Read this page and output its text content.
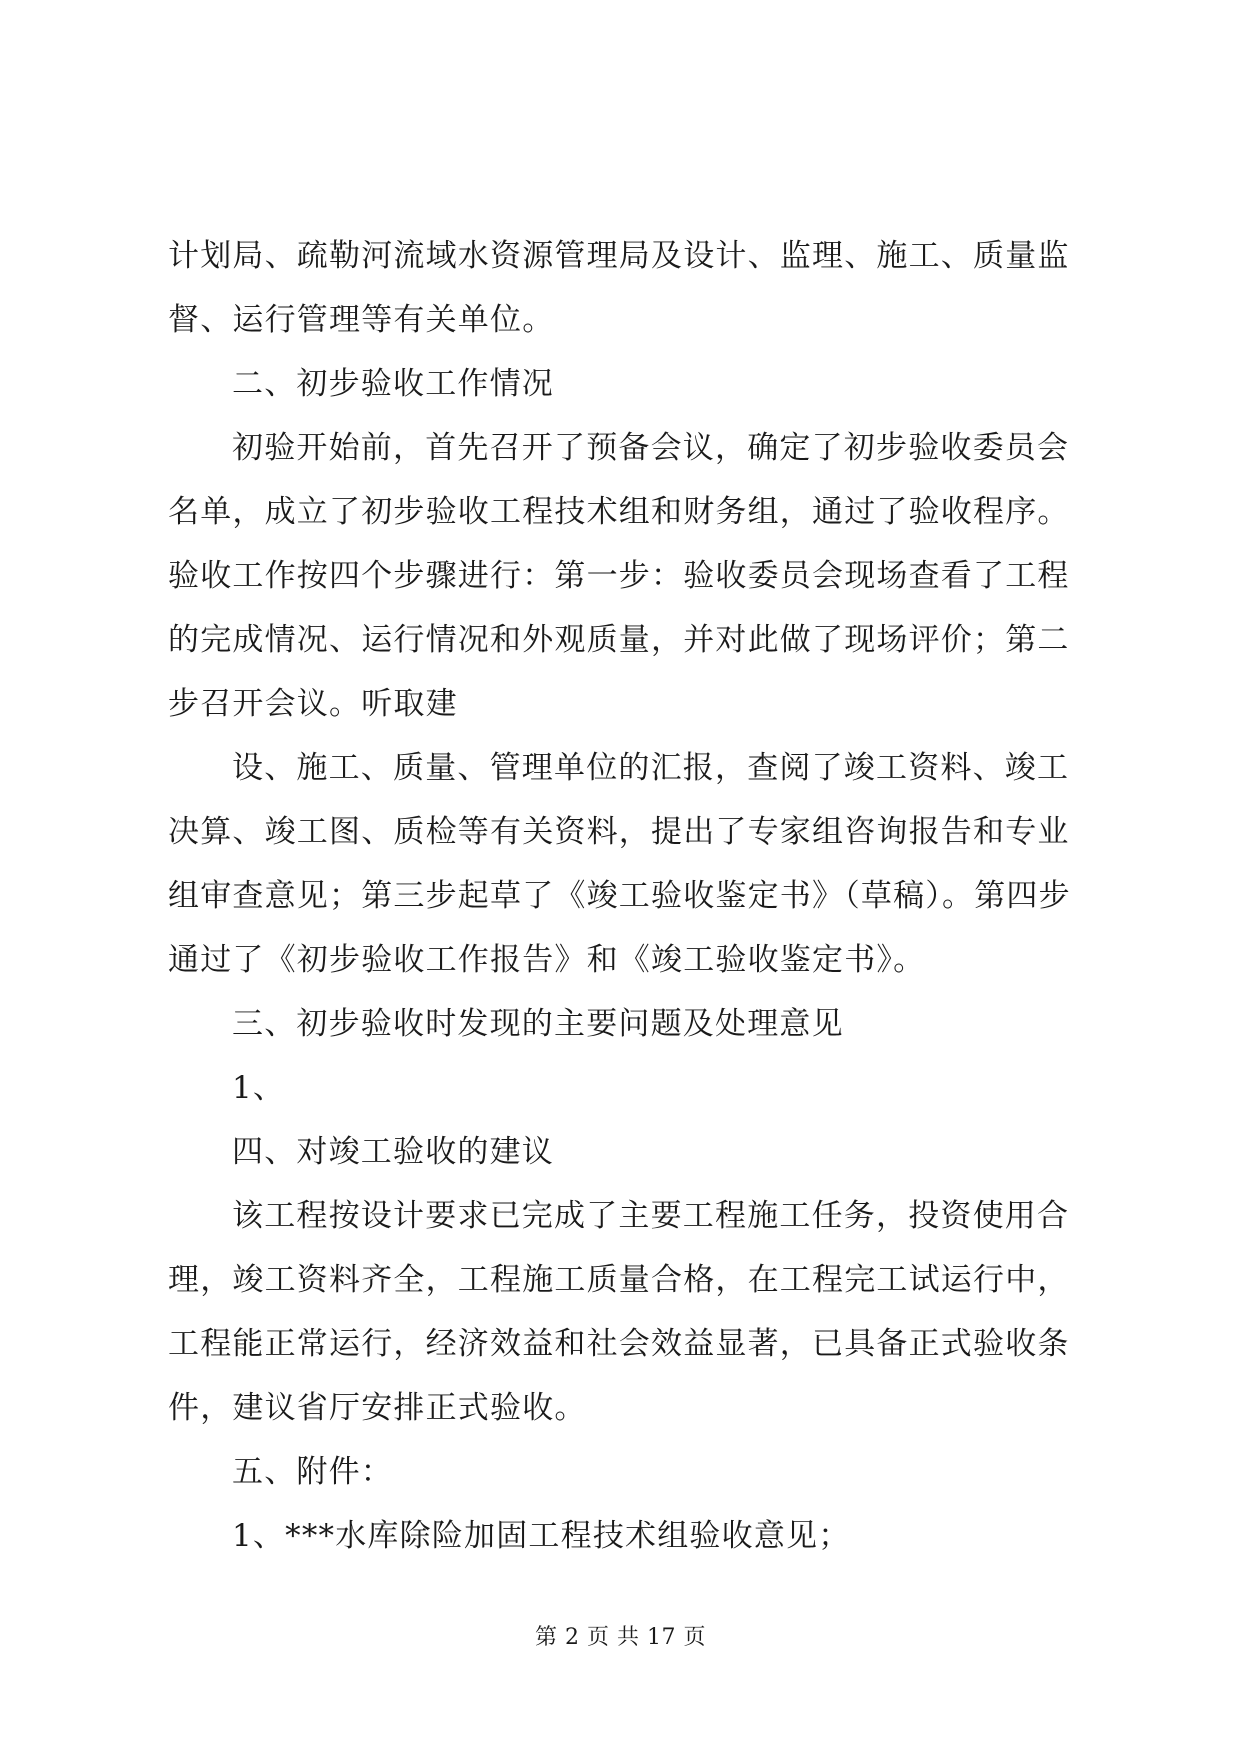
计划局、疏勒河流域水资源管理局及设计、监理、施工、质量监督、运行管理等有关单位。

二、初步验收工作情况

初验开始前，首先召开了预备会议，确定了初步验收委员会名单，成立了初步验收工程技术组和财务组，通过了验收程序。验收工作按四个步骤进行：第一步：验收委员会现场查看了工程的完成情况、运行情况和外观质量，并对此做了现场评价；第二步召开会议。听取建

设、施工、质量、管理单位的汇报，查阅了竣工资料、竣工决算、竣工图、质检等有关资料，提出了专家组咨询报告和专业组审查意见；第三步起草了《竣工验收鉴定书》（草稿）。第四步通过了《初步验收工作报告》和《竣工验收鉴定书》。

三、初步验收时发现的主要问题及处理意见

1、

四、对竣工验收的建议

该工程按设计要求已完成了主要工程施工任务，投资使用合理，竣工资料齐全，工程施工质量合格，在工程完工试运行中，工程能正常运行，经济效益和社会效益显著，已具备正式验收条件，建议省厅安排正式验收。

五、附件：

1、***水库除险加固工程技术组验收意见；

第 2 页 共 17 页
